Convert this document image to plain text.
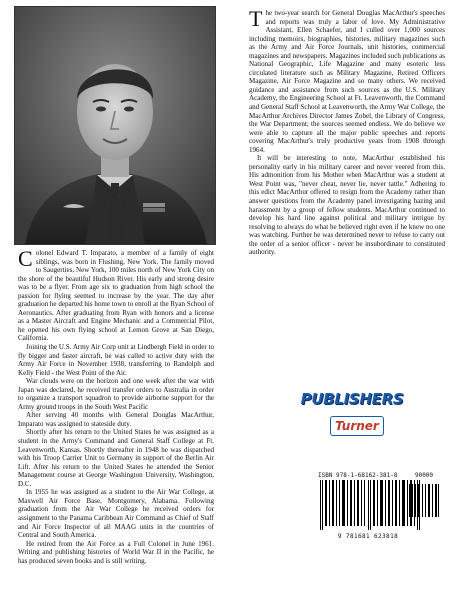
Colonel Edward T. Imparato, a member of a family of eight siblings, was born in Flushing, New York. The family moved to Saugerties, New York, 100 miles north of New York City on the shore of the beautiful Hudson River. His early and strong desire was to be a flyer. From age six to graduation from high school the passion for flying seemed to increase by the year. The day after graduation he departed his home town to enroll at the Ryan School of Aeronautics. After graduating from Ryan with honors and a license as a Master Aircraft and Engine Mechanic and a Commercial Pilot, he opened his own flying school at Lemon Grove at San Diego, California.

Joining the U.S. Army Air Corp unit at Lindbergh Field in order to fly bigger and faster aircraft, he was called to active duty with the Army Air Force in November 1938, transferring to Randolph and Kelly Field - the West Point of the Air.

War clouds were on the horizon and one week after the war with Japan was declared, he received transfer orders to Australia in order to organize a transport squadron to provide airborne support for the Army ground troops in the South West Pacific

After serving 40 months with General Douglas MacArthur, Imparato was assigned to stateside duty.

Shortly after his return to the United States he was assigned as a student in the Army's Command and General Staff College at Ft. Leavenworth, Kansas. Shortly thereafter in 1948 he was dispatched with his Troop Carrier Unit to Germany in support of the Berlin Air Lift. After his return to the United States he attended the Senior Management course at George Washington University, Washington, D.C.

In 1955 he was assigned as a student to the Air War College, at Maxwell Air Force Base, Montgomery, Alabama. Following graduation from the Air War College he received orders for assignment to the Panama Caribbean Air Command as Chief of Staff and Air Force Inspector of all MAAG units in the countries of Central and South America.

He retired from the Air Force as a Full Colonel in June 1961. Writing and publishing histories of World War II in the Pacific, he has produced seven books and is still writing.

The two-year search for General Douglas MacArthur's speeches and reports was truly a labor of love. My Administrative Assistant, Ellen Schaefer, and I culled over 1,000 sources including memoirs, biographies, histories, military magazines such as the Army and Air Force Journals, unit histories, commercial magazines and newspapers. Magazines included such publications as National Geographic, Life Magazine and many esoteric less circulated literature such as Military Magazine, Retired Officers Magazine, Air Force Magazine and so many others. We received guidance and assistance from such sources as the U.S. Military Academy, the Engineering School at Ft. Leavenworth, the Command and General Staff School at Leavenworth, the Army War College, the MacArthur Archives Director James Zobel, the Library of Congress, the War Department; the sources seemed endless. We do believe we were able to capture all the major public speeches and reports covering MacArthur's truly productive years from 1908 through 1964.

It will be interesting to note, MacArthur established his personality early in his military career and never veered from this. His admonition from his Mother when MacArthur was a student at West Point was, "never cheat, never lie, never tattle." Adhering to this edict MacArthur offered to resign from the Academy rather than answer questions from the Academy panel investigating hazing and harassment by a group of fellow students. MacArthur continued to develop his hard line against political and military intrigue by resolving to always do what he believed right even if he knew no one was watching. Further he was determined never to refuse to carry out the order of a senior officer - never be insubordinate to constituted authority.

PUBLISHERS
Turner
ISBN 978-1-68162-381-8	90000
9 781681 623818
